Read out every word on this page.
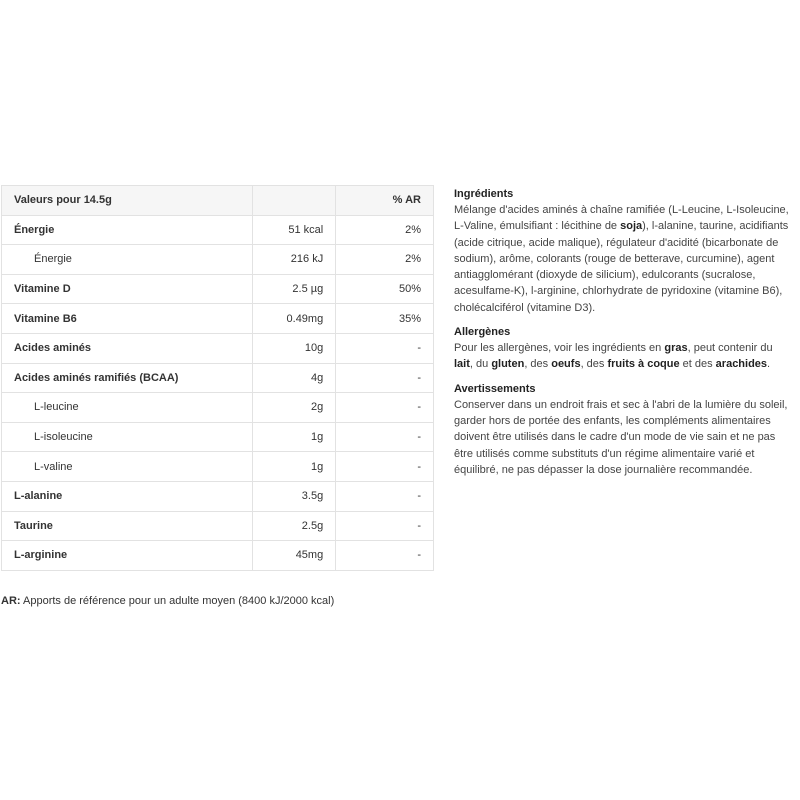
Valeurs pour 14.5g		% AR
Énergie	51 kcal	2%
Énergie	216 kJ	2%
Vitamine D	2.5 µg	50%
Vitamine B6	0.49mg	35%
Acides aminés	10g	-
Acides aminés ramifiés (BCAA)	4g	-
L-leucine	2g	-
L-isoleucine	1g	-
L-valine	1g	-
L-alanine	3.5g	-
Taurine	2.5g	-
L-arginine	45mg	-
AR: Apports de référence pour un adulte moyen (8400 kJ/2000 kcal)
Ingrédients

Mélange d'acides aminés à chaîne ramifiée (L-Leucine, L-Isoleucine, L-Valine, émulsifiant : lécithine de soja), l-alanine, taurine, acidifiants (acide citrique, acide malique), régulateur d'acidité (bicarbonate de sodium), arôme, colorants (rouge de betterave, curcumine), agent antiagglomérant (dioxyde de silicium), edulcorants (sucralose, acesulfame-K), l-arginine, chlorhydrate de pyridoxine (vitamine B6), cholécalciférol (vitamine D3).

Allergènes

Pour les allergènes, voir les ingrédients en gras, peut contenir du lait, du gluten, des oeufs, des fruits à coque et des arachides.

Avertissements

Conserver dans un endroit frais et sec à l'abri de la lumière du soleil, garder hors de portée des enfants, les compléments alimentaires doivent être utilisés dans le cadre d'un mode de vie sain et ne pas être utilisés comme substituts d'un régime alimentaire varié et équilibré, ne pas dépasser la dose journalière recommandée.
